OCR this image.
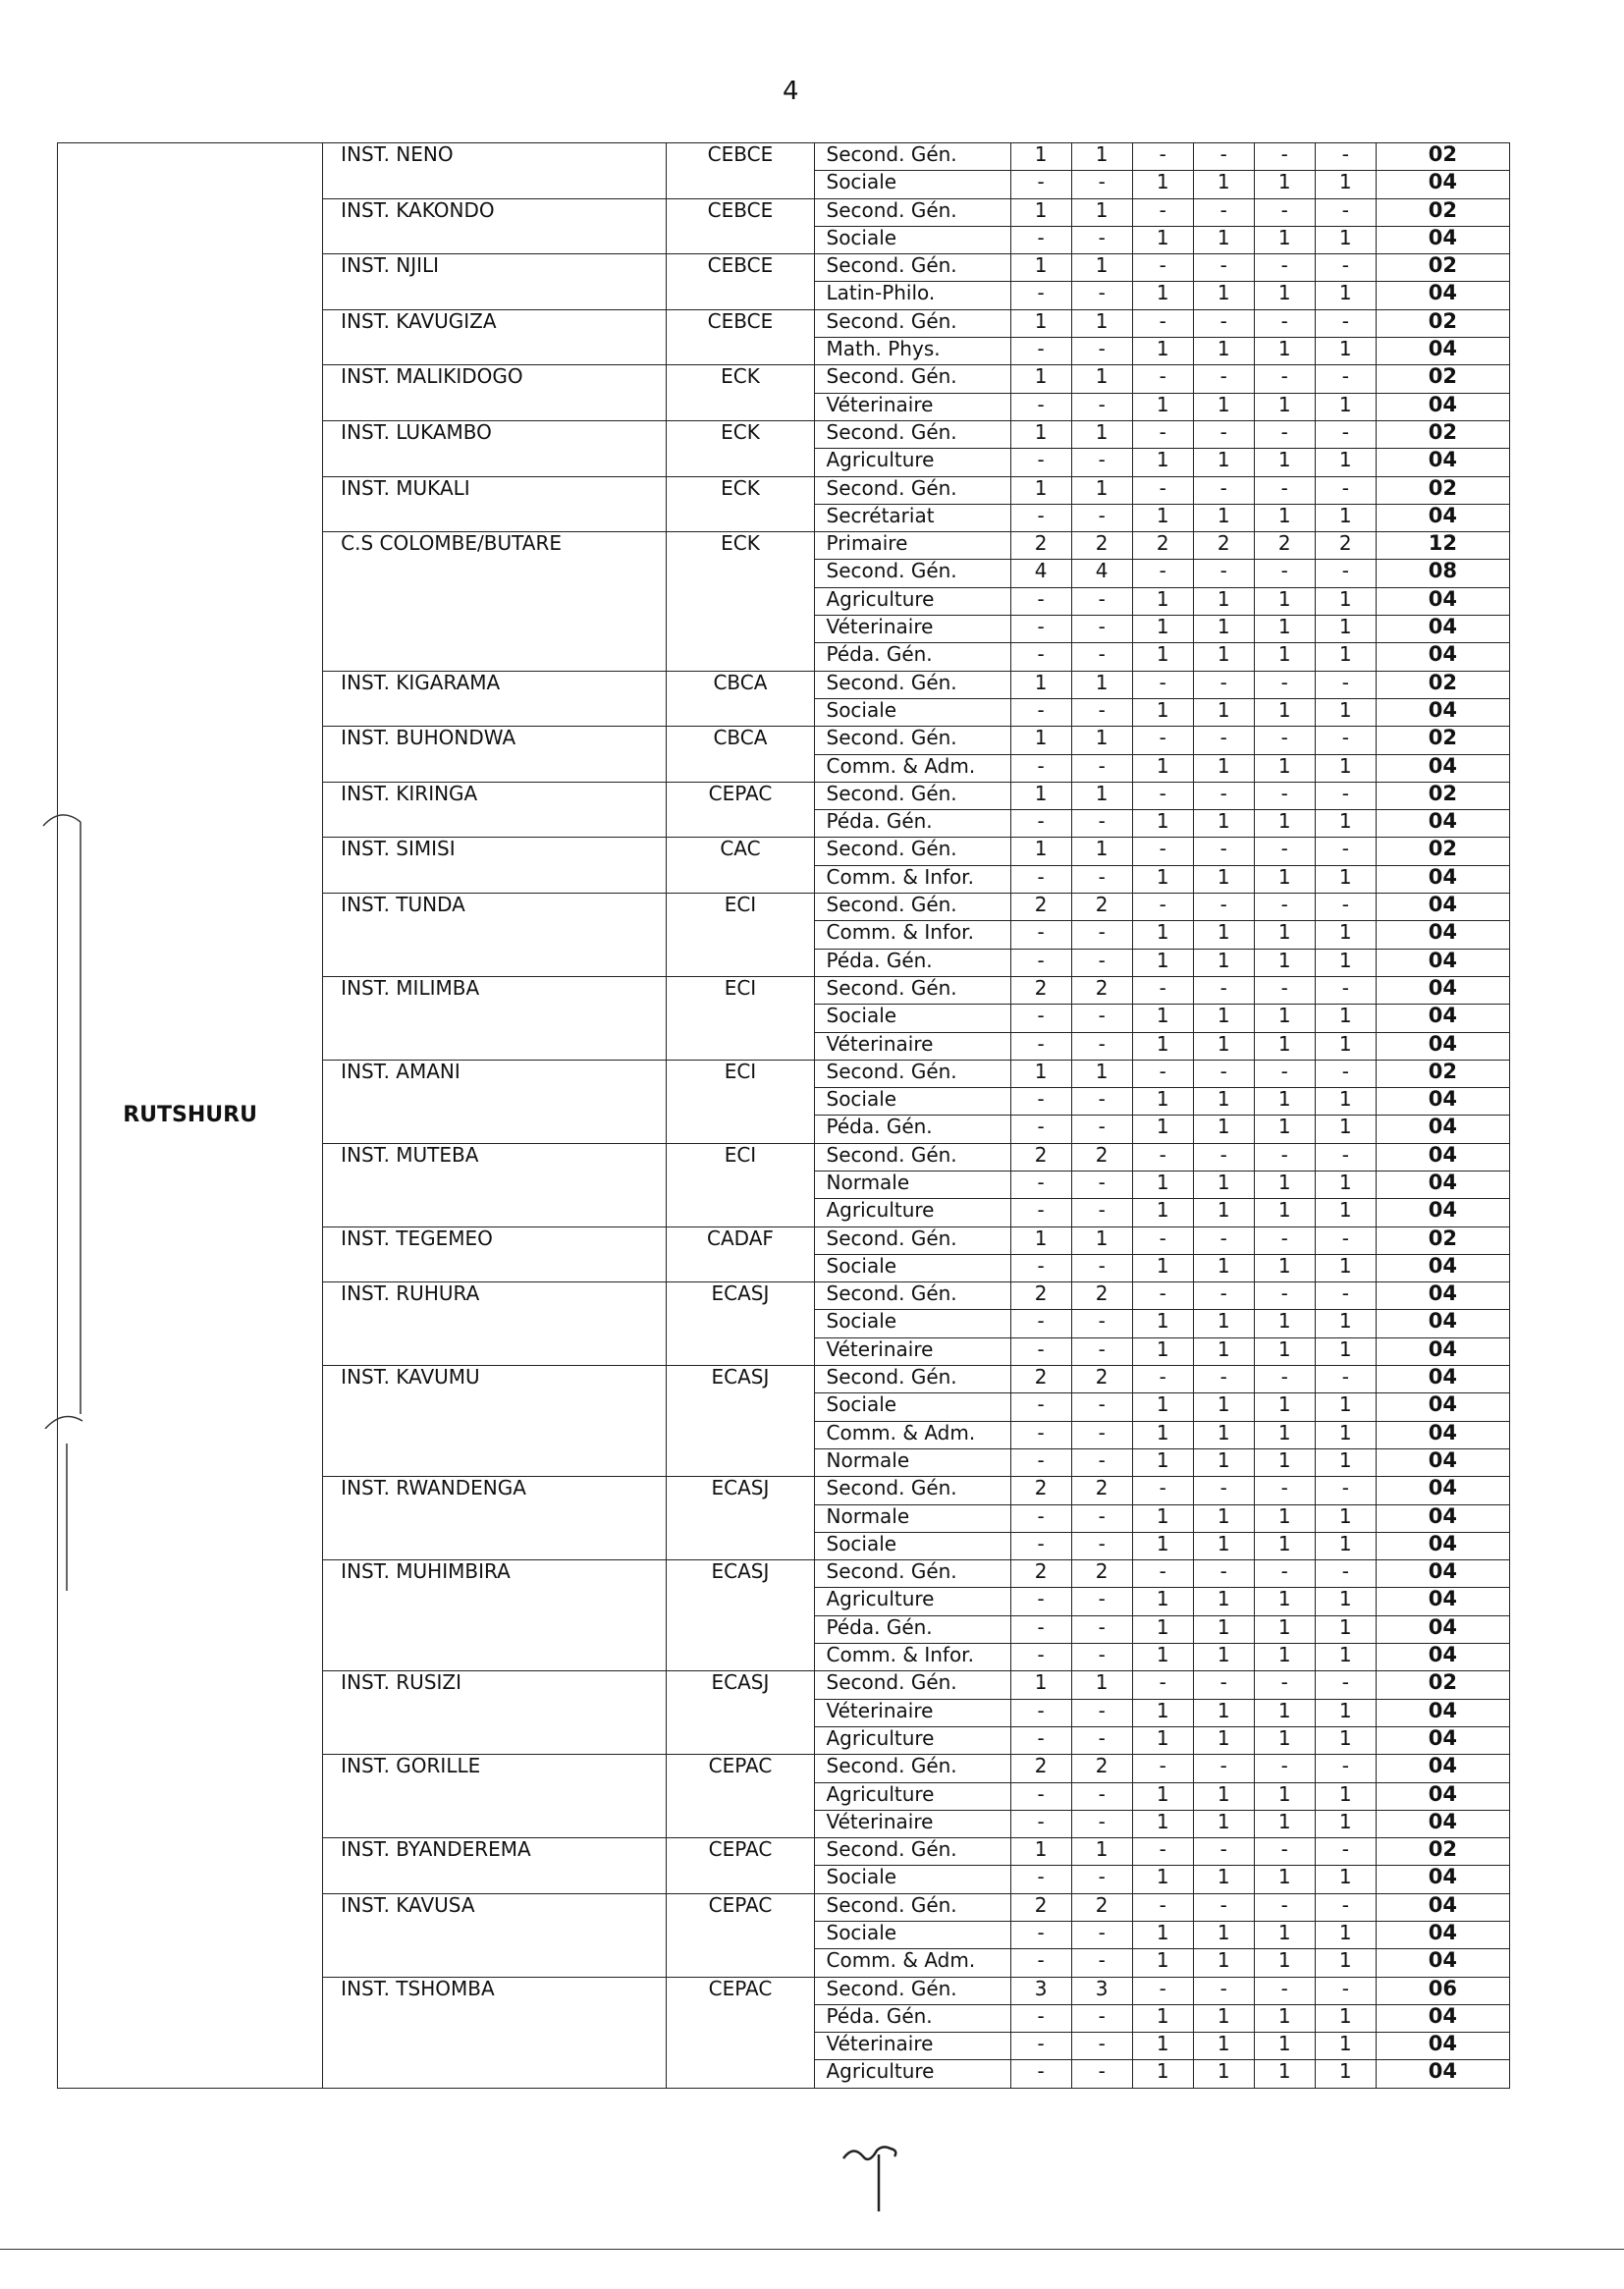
4
RUTSHURU	INST. NENO	CEBCE	Second. Gén.	1	1	-	-	-	-	02
			Sociale	-	-	1	1	1	1	04
	INST. KAKONDO	CEBCE	Second. Gén.	1	1	-	-	-	-	02
			Sociale	-	-	1	1	1	1	04
	INST. NJILI	CEBCE	Second. Gén.	1	1	-	-	-	-	02
			Latin-Philo.	-	-	1	1	1	1	04
	INST. KAVUGIZA	CEBCE	Second. Gén.	1	1	-	-	-	-	02
			Math. Phys.	-	-	1	1	1	1	04
	INST. MALIKIDOGO	ECK	Second. Gén.	1	1	-	-	-	-	02
			Véterinaire	-	-	1	1	1	1	04
	INST. LUKAMBO	ECK	Second. Gén.	1	1	-	-	-	-	02
			Agriculture	-	-	1	1	1	1	04
	INST. MUKALI	ECK	Second. Gén.	1	1	-	-	-	-	02
			Secrétariat	-	-	1	1	1	1	04
	C.S COLOMBE/BUTARE	ECK	Primaire	2	2	2	2	2	2	12
			Second. Gén.	4	4	-	-	-	-	08
			Agriculture	-	-	1	1	1	1	04
			Véterinaire	-	-	1	1	1	1	04
			Péda. Gén.	-	-	1	1	1	1	04
	INST. KIGARAMA	CBCA	Second. Gén.	1	1	-	-	-	-	02
			Sociale	-	-	1	1	1	1	04
	INST. BUHONDWA	CBCA	Second. Gén.	1	1	-	-	-	-	02
			Comm. & Adm.	-	-	1	1	1	1	04
	INST. KIRINGA	CEPAC	Second. Gén.	1	1	-	-	-	-	02
			Péda. Gén.	-	-	1	1	1	1	04
	INST. SIMISI	CAC	Second. Gén.	1	1	-	-	-	-	02
			Comm. & Infor.	-	-	1	1	1	1	04
	INST. TUNDA	ECI	Second. Gén.	2	2	-	-	-	-	04
			Comm. & Infor.	-	-	1	1	1	1	04
			Péda. Gén.	-	-	1	1	1	1	04
	INST. MILIMBA	ECI	Second. Gén.	2	2	-	-	-	-	04
			Sociale	-	-	1	1	1	1	04
			Véterinaire	-	-	1	1	1	1	04
	INST. AMANI	ECI	Second. Gén.	1	1	-	-	-	-	02
			Sociale	-	-	1	1	1	1	04
			Péda. Gén.	-	-	1	1	1	1	04
	INST. MUTEBA	ECI	Second. Gén.	2	2	-	-	-	-	04
			Normale	-	-	1	1	1	1	04
			Agriculture	-	-	1	1	1	1	04
	INST. TEGEMEO	CADAF	Second. Gén.	1	1	-	-	-	-	02
			Sociale	-	-	1	1	1	1	04
	INST. RUHURA	ECASJ	Second. Gén.	2	2	-	-	-	-	04
			Sociale	-	-	1	1	1	1	04
			Véterinaire	-	-	1	1	1	1	04
	INST. KAVUMU	ECASJ	Second. Gén.	2	2	-	-	-	-	04
			Sociale	-	-	1	1	1	1	04
			Comm. & Adm.	-	-	1	1	1	1	04
			Normale	-	-	1	1	1	1	04
	INST. RWANDENGA	ECASJ	Second. Gén.	2	2	-	-	-	-	04
			Normale	-	-	1	1	1	1	04
			Sociale	-	-	1	1	1	1	04
	INST. MUHIMBIRA	ECASJ	Second. Gén.	2	2	-	-	-	-	04
			Agriculture	-	-	1	1	1	1	04
			Péda. Gén.	-	-	1	1	1	1	04
			Comm. & Infor.	-	-	1	1	1	1	04
	INST. RUSIZI	ECASJ	Second. Gén.	1	1	-	-	-	-	02
			Véterinaire	-	-	1	1	1	1	04
			Agriculture	-	-	1	1	1	1	04
	INST. GORILLE	CEPAC	Second. Gén.	2	2	-	-	-	-	04
			Agriculture	-	-	1	1	1	1	04
			Véterinaire	-	-	1	1	1	1	04
	INST. BYANDEREMA	CEPAC	Second. Gén.	1	1	-	-	-	-	02
			Sociale	-	-	1	1	1	1	04
	INST. KAVUSA	CEPAC	Second. Gén.	2	2	-	-	-	-	04
			Sociale	-	-	1	1	1	1	04
			Comm. & Adm.	-	-	1	1	1	1	04
	INST. TSHOMBA	CEPAC	Second. Gén.	3	3	-	-	-	-	06
			Péda. Gén.	-	-	1	1	1	1	04
			Véterinaire	-	-	1	1	1	1	04
			Agriculture	-	-	1	1	1	1	04
